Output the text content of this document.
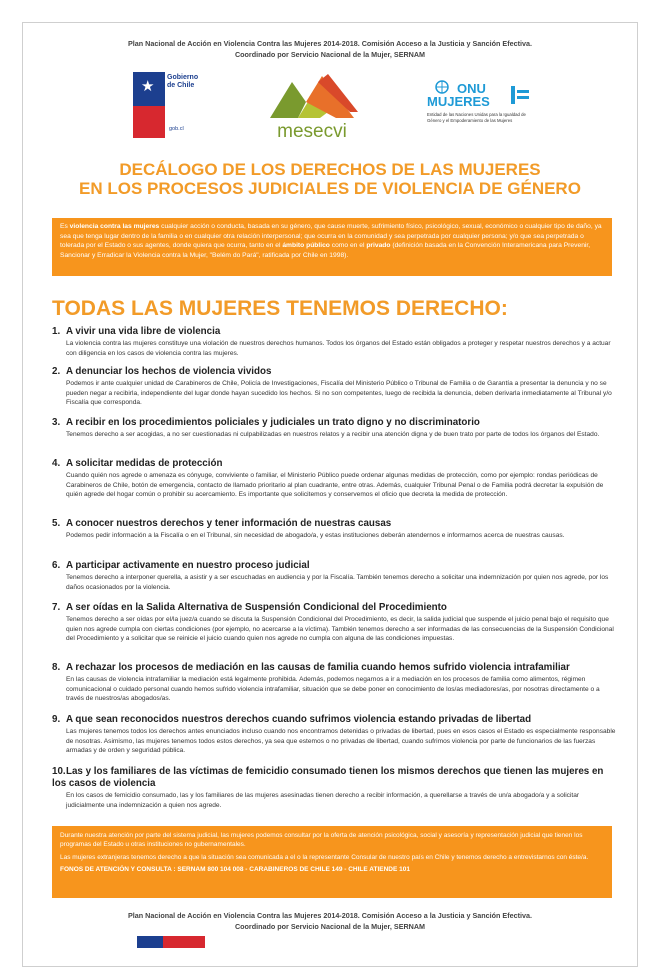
Plan Nacional de Acción en Violencia Contra las Mujeres 2014-2018. Comisión Acceso a la Justicia y Sanción Efectiva.
Coordinado por Servicio Nacional de la Mujer, SERNAM
★
Gobierno de Chile
gob.cl	mesecvi
ONU
MUJERES
Entidad de las Naciones Unidas para la Igualdad de Género y el Empoderamiento de las Mujeres
DECÁLOGO DE LOS DERECHOS DE LAS MUJERES
EN LOS PROCESOS JUDICIALES DE VIOLENCIA DE GÉNERO
Es violencia contra las mujeres cualquier acción o conducta, basada en su género, que cause muerte, sufrimiento físico, psicológico, sexual, económico o cualquier tipo de daño, ya sea que tenga lugar dentro de la familia o en cualquier otra relación interpersonal; que ocurra en la comunidad y sea perpetrada por cualquier persona; y/o que sea perpetrada o tolerada por el Estado o sus agentes, donde quiera que ocurra, tanto en el ámbito público como en el privado (definición basada en la Convención Interamericana para Prevenir, Sancionar y Erradicar la Violencia contra la Mujer, "Belém do Pará", ratificada por Chile en 1998).
TODAS LAS MUJERES TENEMOS DERECHO:
1. A vivir una vida libre de violencia
La violencia contra las mujeres constituye una violación de nuestros derechos humanos. Todos los órganos del Estado están obligados a proteger y respetar nuestros derechos y a actuar con diligencia en los casos de violencia contra las mujeres.
2. A denunciar los hechos de violencia vividos
Podemos ir ante cualquier unidad de Carabineros de Chile, Policía de Investigaciones, Fiscalía del Ministerio Público o Tribunal de Familia o de Garantía a presentar la denuncia y no se pueden negar a recibirla, independiente del lugar donde hayan sucedido los hechos. Si no son competentes, luego de recibida la denuncia, deben derivarla inmediatamente al Tribunal y/o Fiscalía que corresponda.
3. A recibir en los procedimientos policiales y judiciales un trato digno y no discriminatorio
Tenemos derecho a ser acogidas, a no ser cuestionadas ni culpabilizadas en nuestros relatos y a recibir una atención digna y de buen trato por parte de todos los órganos del Estado.
4. A solicitar medidas de protección
Cuando quién nos agrede o amenaza es cónyuge, conviviente o familiar, el Ministerio Público puede ordenar algunas medidas de protección, como por ejemplo: rondas periódicas de Carabineros de Chile, botón de emergencia, contacto de llamado prioritario al plan cuadrante, entre otras. Además, cualquier Tribunal Penal o de Familia podrá decretar la expulsión de quién agrede del hogar común o prohibir su acercamiento. Es importante que solicitemos y conservemos el oficio que decreta la medida de protección.
5. A conocer nuestros derechos y tener información de nuestras causas
Podemos pedir información a la Fiscalía o en el Tribunal, sin necesidad de abogado/a, y estas instituciones deberán atendernos e informarnos acerca de nuestras causas.
6. A participar activamente en nuestro proceso judicial
Tenemos derecho a interponer querella, a asistir y a ser escuchadas en audiencia y por la Fiscalía. También tenemos derecho a solicitar una indemnización por quien nos agrede, por los daños ocasionados por la violencia.
7. A ser oídas en la Salida Alternativa de Suspensión Condicional del Procedimiento
Tenemos derecho a ser oídas por el/la juez/a cuando se discuta la Suspensión Condicional del Procedimiento, es decir, la salida judicial que suspende el juicio penal bajo el requisito que quien nos agrede cumpla con ciertas condiciones (por ejemplo, no acercarse a la víctima). También tenemos derecho a ser informadas de las consecuencias de la Suspensión Condicional del Procedimiento y a solicitar que se reinicie el juicio cuando quien nos agrede no cumpla con alguna de las condiciones impuestas.
8. A rechazar los procesos de mediación en las causas de familia cuando hemos sufrido violencia intrafamiliar
En las causas de violencia intrafamiliar la mediación está legalmente prohibida. Además, podemos negarnos a ir a mediación en los procesos de familia como alimentos, régimen comunicacional o cuidado personal cuando hemos sufrido violencia intrafamiliar, situación que se debe poner en conocimiento de los/as mediadores/as, por nosotras directamente o a través de nuestros/as abogados/as.
9. A que sean reconocidos nuestros derechos cuando sufrimos violencia estando privadas de libertad
Las mujeres tenemos todos los derechos antes enunciados incluso cuando nos encontramos detenidas o privadas de libertad, pues en esos casos el Estado es especialmente responsable de nosotras. Asimismo, las mujeres tenemos todos estos derechos, ya sea que estemos o no privadas de libertad, cuando sufrimos violencia por parte de funcionarios de las fuerzas armadas y de orden y seguridad pública.
10.Las y los familiares de las víctimas de femicidio consumado tienen los mismos derechos que tienen las mujeres en los casos de violencia
En los casos de femicidio consumado, las y los familiares de las mujeres asesinadas tienen derecho a recibir información, a querellarse a través de un/a abogado/a y a solicitar judicialmente una indemnización a quien nos agrede.
Durante nuestra atención por parte del sistema judicial, las mujeres podemos consultar por la oferta de atención psicológica, social y asesoría y representación judicial que tienen los programas del Estado u otras instituciones no gubernamentales.
Las mujeres extranjeras tenemos derecho a que la situación sea comunicada a el o la representante Consular de nuestro país en Chile y tenemos derecho a entrevistarnos con éste/a.
FONOS DE ATENCIÓN Y CONSULTA : SERNAM 800 104 008 - CARABINEROS DE CHILE 149 - CHILE ATIENDE 101
Plan Nacional de Acción en Violencia Contra las Mujeres 2014-2018. Comisión Acceso a la Justicia y Sanción Efectiva.
Coordinado por Servicio Nacional de la Mujer, SERNAM
